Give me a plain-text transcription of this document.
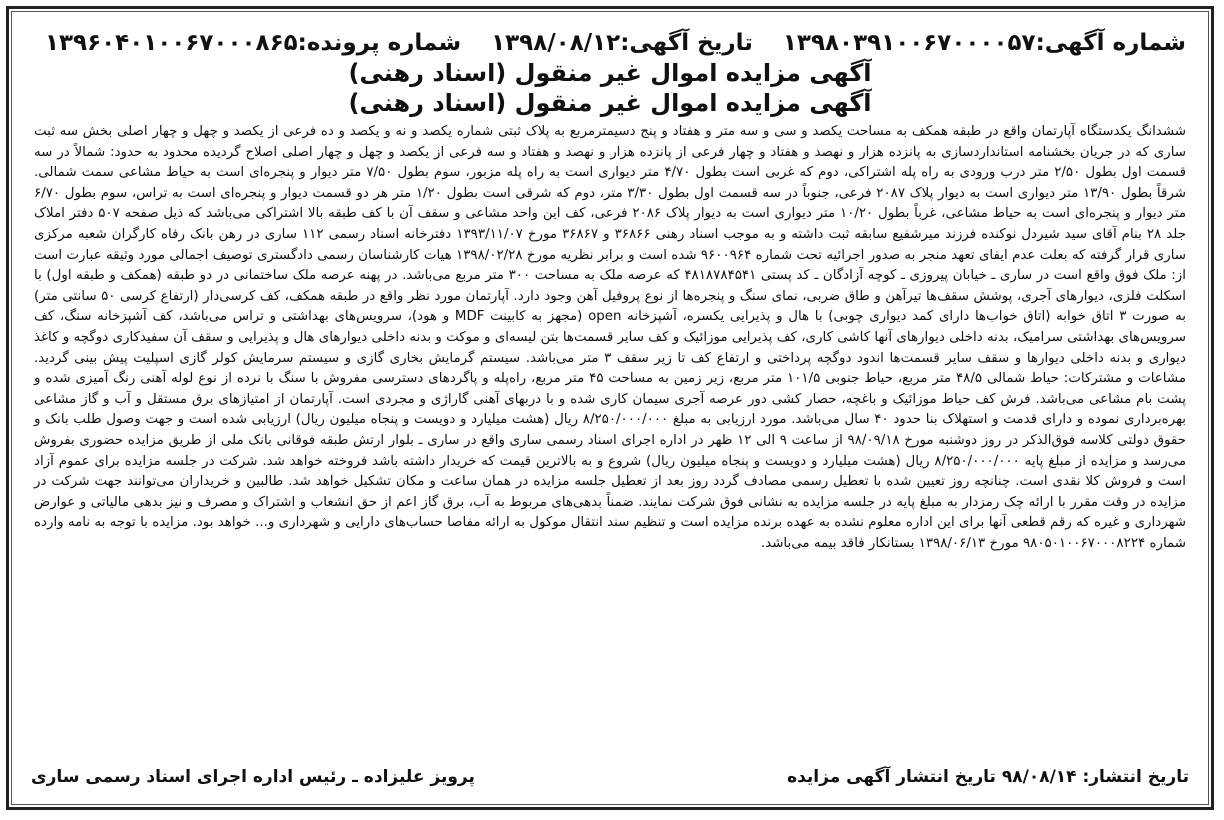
شماره آگهی:۱۳۹۸۰۳۹۱۰۰۶۷۰۰۰۰۵۷ تاریخ آگهی:۱۳۹۸/۰۸/۱۲ شماره پرونده:۱۳۹۶۰۴۰۱۰۰۶۷۰۰۰۸۶۵

آگهی مزایده اموال غیر منقول (اسناد رهنی)

آگهی مزایده اموال غیر منقول (اسناد رهنی)

ششدانگ یکدستگاه آپارتمان واقع در طبقه همکف به مساحت یکصد و سی و سه متر و هفتاد و پنج دسیمترمربع به پلاک ثبتی شماره یکصد و نه و یکصد و ده فرعی از یکصد و چهل و چهار اصلی بخش سه ثبت ساری که در جریان بخشنامه استانداردسازی به پانزده هزار و نهصد و هفتاد و چهار فرعی از پانزده هزار و نهصد و هفتاد و سه فرعی از یکصد و چهل و چهار اصلی اصلاح گردیده محدود به حدود: شمالاً در سه قسمت اول بطول ۲/۵۰ متر درب ورودی به راه پله اشتراکی، دوم که غربی است بطول ۴/۷۰ متر دیواری است به راه پله مزبور، سوم بطول ۷/۵۰ متر دیوار و پنجره‌ای است به حیاط مشاعی سمت شمالی. شرقاً بطول ۱۳/۹۰ متر دیواری است به دیوار پلاک ۲۰۸۷ فرعی، جنوباً در سه قسمت اول بطول ۳/۳۰ متر، دوم که شرقی است بطول ۱/۲۰ متر هر دو قسمت دیوار و پنجره‌ای است به تراس، سوم بطول ۶/۷۰ متر دیوار و پنجره‌ای است به حیاط مشاعی، غرباً بطول ۱۰/۲۰ متر دیواری است به دیوار پلاک ۲۰۸۶ فرعی، کف این واحد مشاعی و سقف آن با کف طبقه بالا اشتراکی می‌باشد که ذیل صفحه ۵۰۷ دفتر املاک جلد ۲۸ بنام آقای سید شیردل نوکنده فرزند میرشفیع سابقه ثبت داشته و به موجب اسناد رهنی ۳۶۸۶۶ و ۳۶۸۶۷ مورخ ۱۳۹۳/۱۱/۰۷ دفترخانه اسناد رسمی ۱۱۲ ساری در رهن بانک رفاه کارگران شعبه مرکزی ساری قرار گرفته که بعلت عدم ایفای تعهد منجر به صدور اجرائیه تحت شماره ۹۶۰۰۹۶۴ شده است و برابر نظریه مورخ ۱۳۹۸/۰۲/۲۸ هیات کارشناسان رسمی دادگستری توصیف اجمالی مورد وثیقه عبارت است از: ملک فوق واقع است در ساری ـ خیابان پیروزی ـ کوچه آزادگان ـ کد پستی ۴۸۱۸۷۸۴۵۴۱ که عرصه ملک به مساحت ۳۰۰ متر مربع می‌باشد. در پهنه عرصه ملک ساختمانی در دو طبقه (همکف و طبقه اول) با اسکلت فلزی، دیوارهای آجری، پوشش سقف‌ها تیرآهن و طاق ضربی، نمای سنگ و پنجره‌ها از نوع پروفیل آهن وجود دارد. آپارتمان مورد نظر واقع در طبقه همکف، کف کرسی‌دار (ارتفاع کرسی ۵۰ سانتی متر) به صورت ۳ اتاق خوابه (اتاق خواب‌ها دارای کمد دیواری چوبی) با هال و پذیرایی یکسره، آشپزخانه open (مجهز به کابینت MDF و هود)، سرویس‌های بهداشتی و تراس می‌باشد، کف آشپزخانه سنگ، کف سرویس‌های بهداشتی سرامیک، بدنه داخلی دیوارهای آنها کاشی کاری، کف پذیرایی موزائیک و کف سایر قسمت‌ها بتن لیسه‌ای و موکت و بدنه داخلی دیوارهای هال و پذیرایی و سقف آن سفیدکاری دوگچه و کاغذ دیواری و بدنه داخلی دیوارها و سقف سایر قسمت‌ها اندود دوگچه پرداختی و ارتفاع کف تا زیر سقف ۳ متر می‌باشد. سیستم گرمایش بخاری گازی و سیستم سرمایش کولر گازی اسپلیت پیش بینی گردید. مشاعات و مشترکات: حیاط شمالی ۴۸/۵ متر مربع، حیاط جنوبی ۱۰۱/۵ متر مربع، زیر زمین به مساحت ۴۵ متر مربع، راه‌پله و پاگردهای دسترسی مفروش با سنگ با نرده از نوع لوله آهنی رنگ آمیزی شده و پشت بام مشاعی می‌باشد. فرش کف حیاط موزائیک و باغچه، حصار کشی دور عرصه آجری سیمان کاری شده و با دربهای آهنی گاراژی و مجردی است. آپارتمان از امتیازهای برق مستقل و آب و گاز مشاعی بهره‌برداری نموده و دارای قدمت و استهلاک بنا حدود ۴۰ سال می‌باشد. مورد ارزیابی به مبلغ ۸/۲۵۰/۰۰۰/۰۰۰ ریال (هشت میلیارد و دویست و پنجاه میلیون ریال) ارزیابی شده است و جهت وصول طلب بانک و حقوق دولتی کلاسه فوق‌الذکر در روز دوشنبه مورخ ۹۸/۰۹/۱۸ از ساعت ۹ الی ۱۲ ظهر در اداره اجرای اسناد رسمی ساری واقع در ساری ـ بلوار ارتش طبقه فوقانی بانک ملی از طریق مزایده حضوری بفروش می‌رسد و مزایده از مبلغ پایه ۸/۲۵۰/۰۰۰/۰۰۰ ریال (هشت میلیارد و دویست و پنجاه میلیون ریال) شروع و به بالاترین قیمت که خریدار داشته باشد فروخته خواهد شد. شرکت در جلسه مزایده برای عموم آزاد است و فروش کلا نقدی است. چنانچه روز تعیین شده با تعطیل رسمی مصادف گردد روز بعد از تعطیل جلسه مزایده در همان ساعت و مکان تشکیل خواهد شد. طالبین و خریداران می‌توانند جهت شرکت در مزایده در وقت مقرر با ارائه چک رمزدار به مبلغ پایه در جلسه مزایده به نشانی فوق شرکت نمایند. ضمناً بدهی‌های مربوط به آب، برق گاز اعم از حق انشعاب و اشتراک و مصرف و نیز بدهی مالیاتی و عوارض شهرداری و غیره که رقم قطعی آنها برای این اداره معلوم نشده به عهده برنده مزایده است و تنظیم سند انتقال موکول به ارائه مفاصا حساب‌های دارایی و شهرداری و... خواهد بود. مزایده با توجه به نامه وارده شماره ۹۸۰۵۰۱۰۰۶۷۰۰۰۸۲۲۴ مورخ ۱۳۹۸/۰۶/۱۳ بستانکار فاقد بیمه می‌باشد.

تاریخ انتشار: ۹۸/۰۸/۱۴ تاریخ انتشار آگهی مزایده
پرویز علیزاده ـ رئیس اداره اجرای اسناد رسمی ساری
